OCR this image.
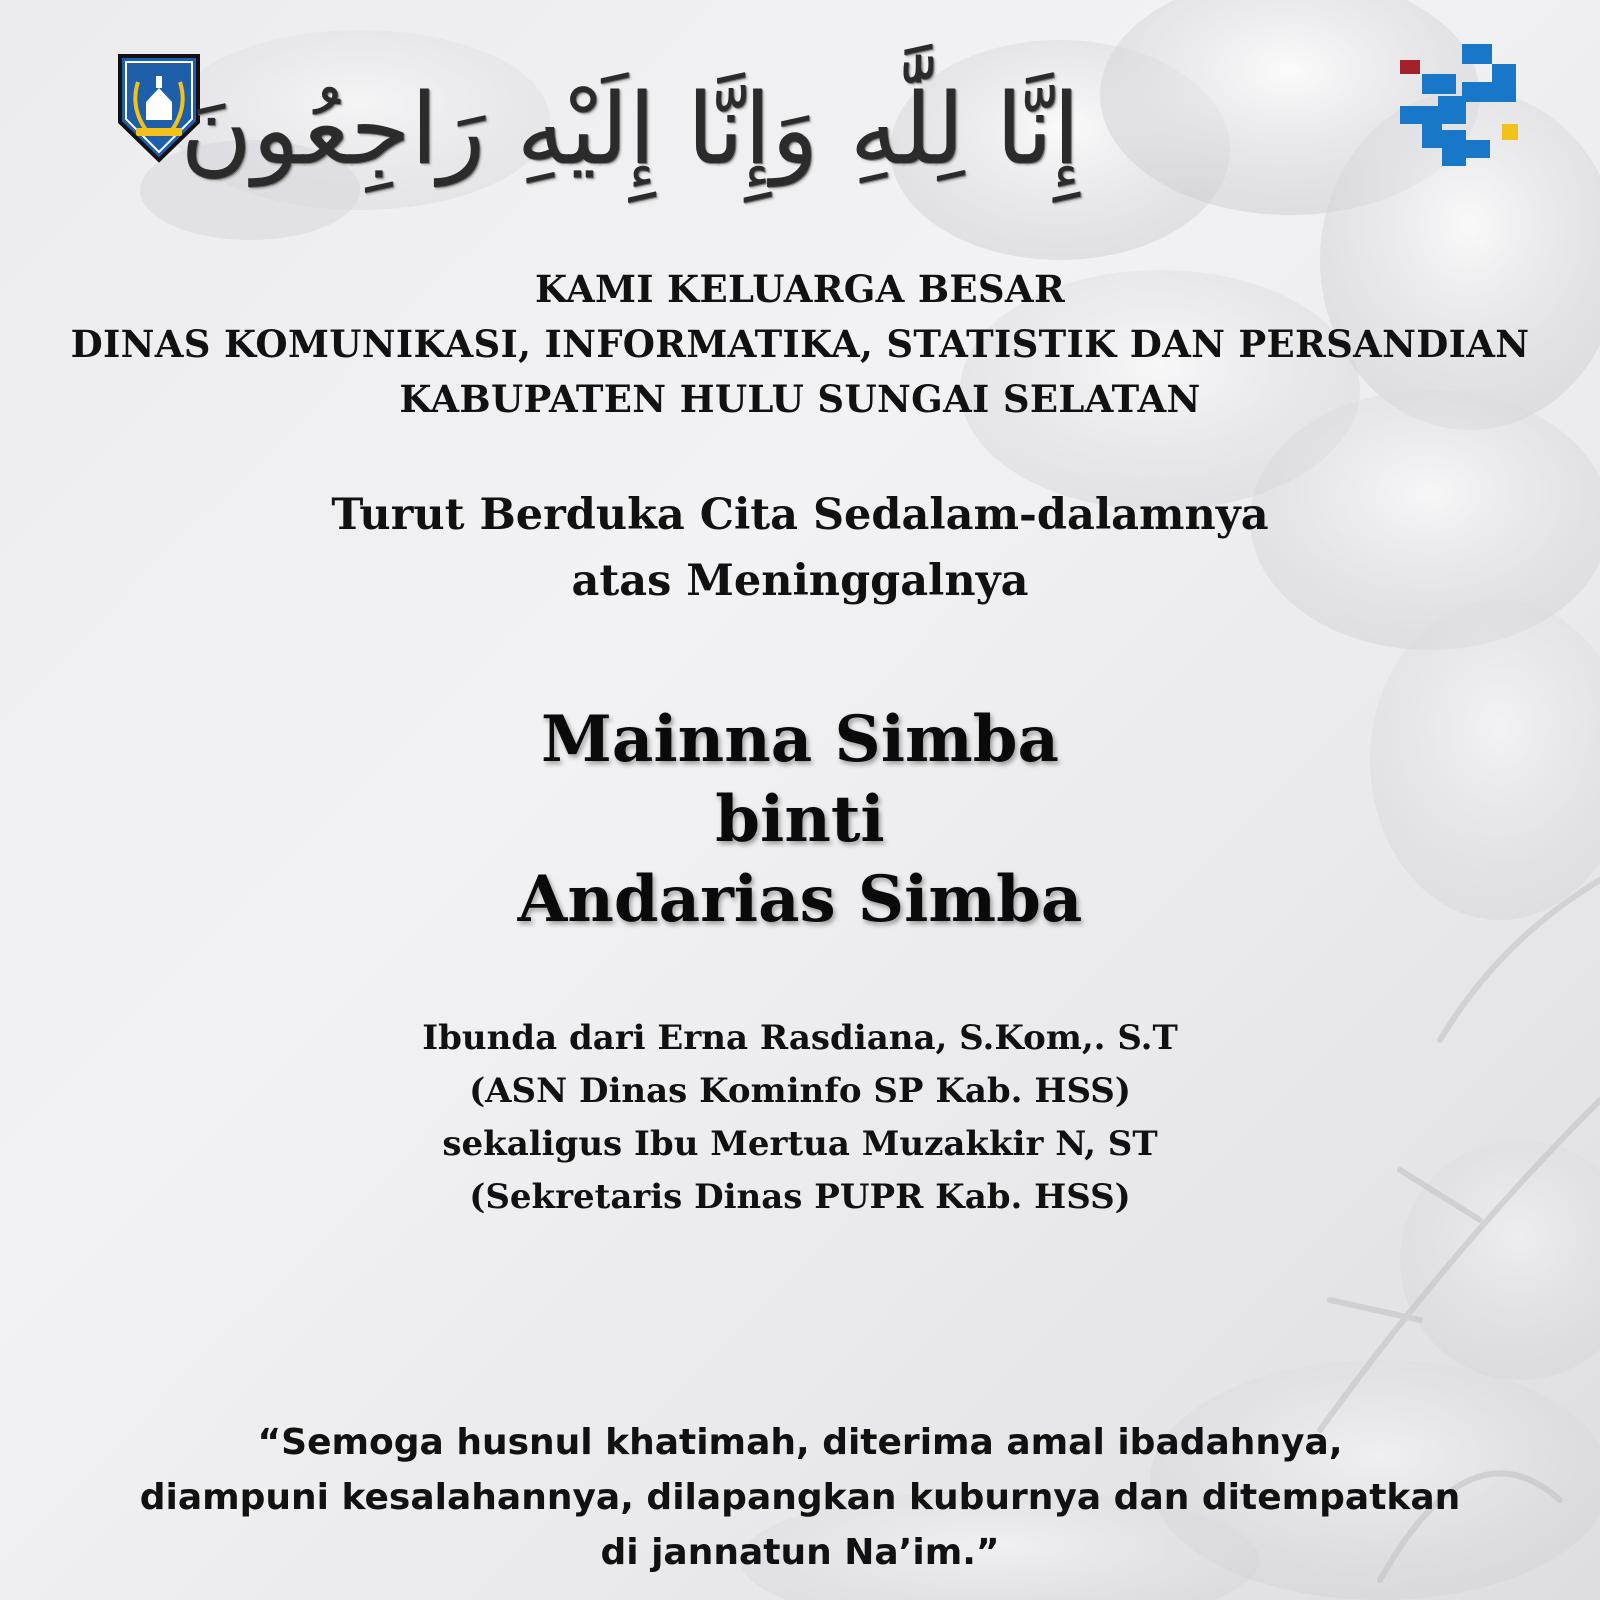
إِنَّا لِلَّٰهِ وَإِنَّا إِلَيْهِ رَاجِعُونَ
KAMI KELUARGA BESAR
DINAS KOMUNIKASI, INFORMATIKA, STATISTIK DAN PERSANDIAN
KABUPATEN HULU SUNGAI SELATAN
Turut Berduka Cita Sedalam-dalamnya
atas Meninggalnya
Mainna Simba
binti
Andarias Simba
Ibunda dari Erna Rasdiana, S.Kom,. S.T
(ASN Dinas Kominfo SP Kab. HSS)
sekaligus Ibu Mertua Muzakkir N, ST
(Sekretaris Dinas PUPR Kab. HSS)
“Semoga husnul khatimah, diterima amal ibadahnya,
diampuni kesalahannya, dilapangkan kuburnya dan ditempatkan
di jannatun Na’im.”
